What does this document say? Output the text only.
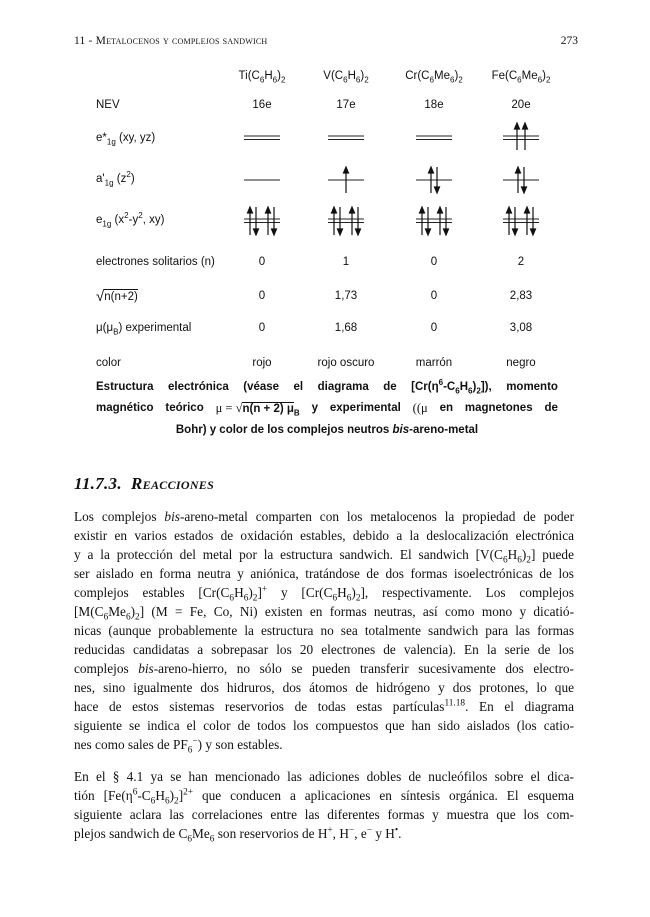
11 - Metalocenos y complejos sandwich	273
$Ti(C_6H_6)_2$	$V(C_6H_6)_2$	$Cr(C_6Me_6)_2$	$Fe(C_6Me_6)_2$
NEV	16e	17e	18e	20e
$e*_{1g}$ (xy, yz)
$a'_{1g}$ $(z^2)$
$e_{1g}$ ($x^2-y^2$, xy)
electrones solitarios (n)	0	1	0	2
√n(n+2)	0	1,73	0	2,83
$\mu(\mu_B)$ experimental	0	1,68	0	3,08
color	rojo	rojo oscuro	marrón	negro
Estructura electrónica (véase el diagrama de $[Cr(\eta^6-C_6H_6)_2]$), momento
magnético teórico μ = √n(n + 2) $\mu_B$ y experimental ((μ en magnetones de
Bohr) y color de los complejos neutros bis-areno-metal
11.7.3. Reacciones
Los complejos bis-areno-metal comparten con los metalocenos la propiedad de poder
existir en varios estados de oxidación estables, debido a la deslocalización electrónica
y a la protección del metal por la estructura sandwich. El sandwich $[V(C_6H_6)_2]$ puede
ser aislado en forma neutra y aniónica, tratándose de dos formas isoelectrónicas de los
complejos estables $[Cr(C_6H_6)_2]^+$ y $[Cr(C_6H_6)_2]$, respectivamente. Los complejos
$[M(C_6Me_6)_2] (M = Fe$, Co, Ni) existen en formas neutras, así como mono y dicatió-
nicas (aunque probablemente la estructura no sea totalmente sandwich para las formas
reducidas candidatas a sobrepasar los 20 electrones de valencia). En la serie de los
complejos bis-areno-hierro, no sólo se pueden transferir sucesivamente dos electro-
nes, sino igualmente dos hidruros, dos átomos de hidrógeno y dos protones, lo que
hace de estos sistemas reservorios de todas estas partículas$^{11.18}$. En el diagrama
siguiente se indica el color de todos los compuestos que han sido aislados (los catio-
nes como sales de $PF_6^-$) y son estables.
En el § 4.1 ya se han mencionado las adiciones dobles de nucleófilos sobre el dica-
tión $[Fe(\eta^6-C_6H_6)_2]^{2+}$ que conducen a aplicaciones en síntesis orgánica. El esquema
siguiente aclara las correlaciones entre las diferentes formas y muestra que los com-
plejos sandwich de $C_6Me_6$ son reservorios de H+, H−, e− y H•.
